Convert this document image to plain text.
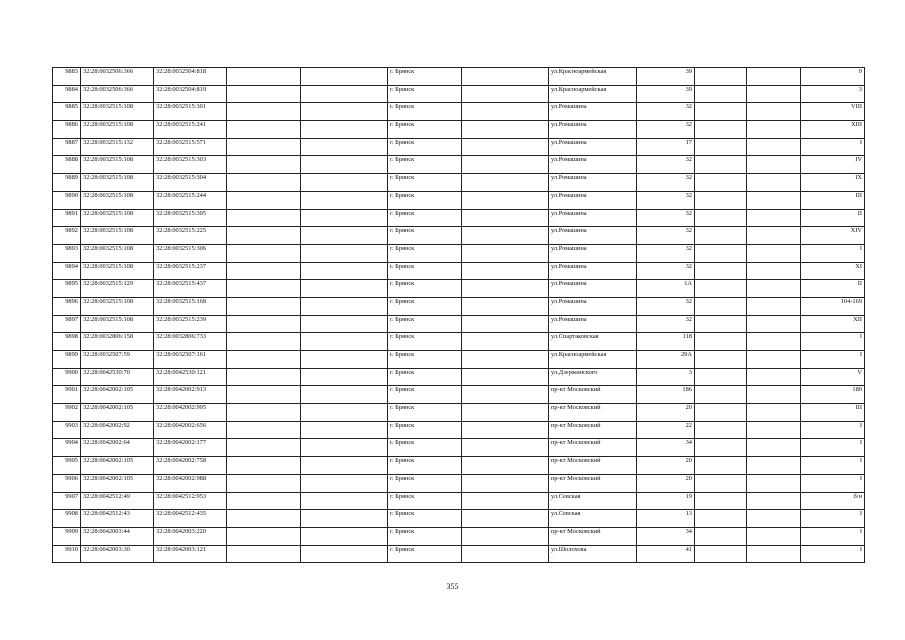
9883	32:28:0032506:366	32:28:0032504:818			г. Брянск		ул.Красноармейская	39			9
9884	32:28:0032506:366	32:28:0032504:819			г. Брянск		ул.Красноармейская	39			3
9885	32:28:0032515:108	32:28:0032515:301			г. Брянск		ул.Ромашина	32			VIII
9886	32:28:0032515:108	32:28:0032515:241			г. Брянск		ул.Ромашина	32			XIII
9887	32:28:0032515:132	32:28:0032515:571			г. Брянск		ул.Ромашина	17			I
9888	32:28:0032515:108	32:28:0032515:303			г. Брянск		ул.Ромашина	32			IV
9889	32:28:0032515:108	32:28:0032515:304			г. Брянск		ул.Ромашина	32			IX
9890	32:28:0032515:108	32:28:0032515:244			г. Брянск		ул.Ромашина	32			III
9891	32:28:0032515:108	32:28:0032515:305			г. Брянск		ул.Ромашина	32			II
9892	32:28:0032515:108	32:28:0032515:225			г. Брянск		ул.Ромашина	32			XIV
9893	32:28:0032515:108	32:28:0032515:306			г. Брянск		ул.Ромашина	32			I
9894	32:28:0032515:108	32:28:0032515:237			г. Брянск		ул.Ромашина	32			XI
9895	32:28:0032515:129	32:28:0032515:437			г. Брянск		ул.Ромашина	1А			II
9896	32:28:0032515:108	32:28:0032515:168			г. Брянск		ул.Ромашина	32			104-169
9897	32:28:0032515:108	32:28:0032515:239			г. Брянск		ул.Ромашина	32			XII
9898	32:28:0032806:158	32:28:0032806:733			г. Брянск		ул.Спартаковская	118			I
9899	32:28:0032507:59	32:28:0032507:161			г. Брянск		ул.Красноармейская	29А			I
9900	32:28:0042530:70	32:28:0042530:121			г. Брянск		ул.Дзержинского	3			V
9901	32:28:0042002:105	32:28:0042002:913			г. Брянск		пр-кт Московский	186			180
9902	32:28:0042002:105	32:28:0042002:995			г. Брянск		пр-кт Московский	20			III
9903	32:28:0042002:92	32:28:0042002:656			г. Брянск		пр-кт Московский	22			I
9904	32:28:0042002:64	32:28:0042002:177			г. Брянск		пр-кт Московский	34			I
9905	32:28:0042002:105	32:28:0042002:758			г. Брянск		пр-кт Московский	20			I
9906	32:28:0042002:105	32:28:0042002:988			г. Брянск		пр-кт Московский	20			I
9907	32:28:0042512:49	32:28:0042512:953			г. Брянск		ул.Севская	19			б/н
9908	32:28:0042512:43	32:28:0042512:435			г. Брянск		ул.Севская	13			I
9909	32:28:0042003:44	32:28:0042003:220			г. Брянск		пр-кт Московский	34			I
9910	32:28:0042003:30	32:28:0042003:121			г. Брянск		ул.Шолохова	41			I
355
